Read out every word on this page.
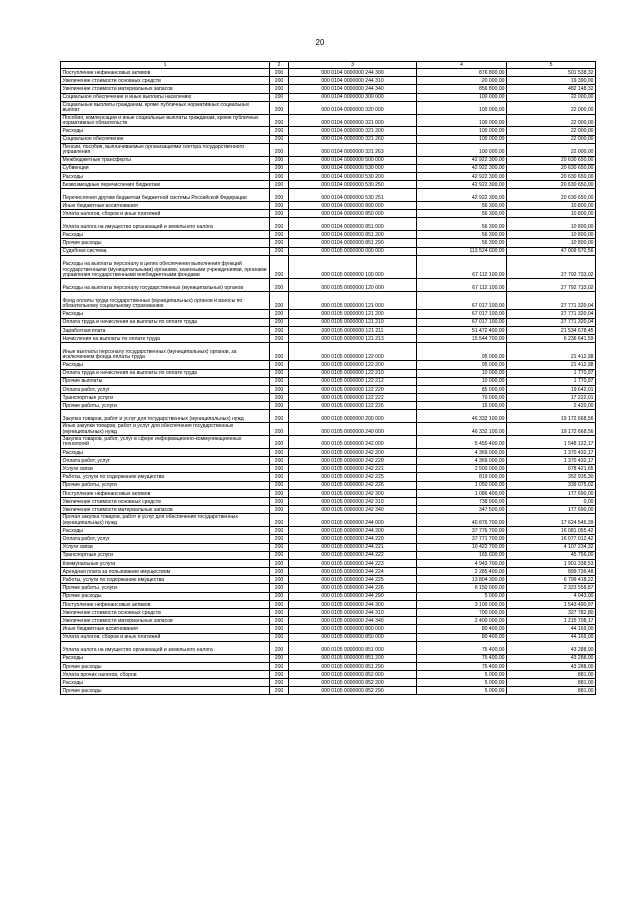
20
1	2	3	4	5
Поступление нефинансовых активов	200	000 0104 0000000 244 300	876 800,00	501 538,32
Увеличение стоимости основных средств	200	000 0104 0000000 244 310	20 000,00	19 390,00
Увеличение стоимости материальных запасов	200	000 0104 0000000 244 340	856 800,00	482 148,32
Социальное обеспечение и иные выплаты населению	200	000 0104 0000000 300 000	100 000,00	22 000,00
Социальные выплаты гражданам, кроме публичных нормативных социальных выплат	200	000 0104 0000000 320 000	100 000,00	22 000,00
Пособия, компенсации и иные социальные выплаты гражданам, кроме публичных нормативных обязательств	200	000 0104 0000000 321 000	100 000,00	22 000,00
Расходы	200	000 0104 0000000 321 200	100 000,00	22 000,00
Социальное обеспечение	200	000 0104 0000000 321 260	100 000,00	22 000,00
Пенсии, пособия, выплачиваемые организациями сектора государственного управления	200	000 0104 0000000 321 263	100 000,00	22 000,00
Межбюджетные трансферты	200	000 0104 0000000 500 000	42 922 300,00	20 630 650,00
Субвенции	200	000 0104 0000000 530 000	42 922 300,00	20 630 650,00
Расходы	200	000 0104 0000000 530 200	42 922 300,00	20 630 650,00
Безвозмездные перечисления бюджетам	200	000 0104 0000000 530 250	42 922 300,00	20 630 650,00
Перечисления другим бюджетам бюджетной системы Российской Федерации	200	000 0104 0000000 530 251	42 922 300,00	20 630 650,00
Иные бюджетные ассигнования	200	000 0104 0000000 800 000	56 300,00	10 800,00
Уплата налогов, сборов и иных платежей	200	000 0104 0000000 850 000	56 300,00	10 800,00
Уплата налога на имущество организаций и земельного налога	200	000 0104 0000000 851 000	56 300,00	10 800,00
Расходы	200	000 0104 0000000 851 200	56 300,00	10 800,00
Прочие расходы	200	000 0104 0000000 851 290	56 300,00	10 800,00
Судебная система	200	000 0105 0000000 000 000	113 524 600,00	47 009 570,56
Расходы на выплаты персоналу в целях обеспечения выполнения функций государственными (муниципальными) органами, казенными учреждениями, органами управления государственными внебюджетными фондами	200	000 0105 0000000 100 000	67 112 100,00	27 792 733,02
Расходы на выплаты персоналу государственных (муниципальных) органов	200	000 0105 0000000 120 000	67 112 100,00	27 792 733,02
Фонд оплаты труда государственных (муниципальных) органов и взносы по обязательному социальному страхованию	200	000 0105 0000000 121 000	67 017 100,00	27 771 320,04
Расходы	200	000 0105 0000000 121 200	67 017 100,00	27 771 320,04
Оплата труда и начисления на выплаты по оплате труда	200	000 0105 0000000 121 210	67 017 100,00	27 771 320,04
Заработная плата	200	000 0105 0000000 121 211	51 472 400,00	21 534 678,45
Начисления на выплаты по оплате труда	200	000 0105 0000000 121 213	15 544 700,00	6 236 641,59
Иные выплаты персоналу государственных (муниципальных) органов, за исключением фонда оплаты труда	200	000 0105 0000000 122 000	95 000,00	21 412,98
Расходы	200	000 0105 0000000 122 200	95 000,00	21 412,98
Оплата труда и начисления на выплаты по оплате труда	200	000 0105 0000000 122 210	10 000,00	1 770,97
Прочие выплаты	200	000 0105 0000000 122 212	10 000,00	1 770,97
Оплата работ, услуг	200	000 0105 0000000 122 220	85 000,00	19 642,01
Транспортные услуги	200	000 0105 0000000 122 222	70 000,00	17 222,01
Прочие работы, услуги	200	000 0105 0000000 122 226	15 000,00	2 420,00
Закупка товаров, работ и услуг для государственных (муниципальных) нужд	200	000 0105 0000000 200 000	46 332 100,00	19 172 668,56
Иные закупки товаров, работ и услуг для обеспечения государственных (муниципальных) нужд	200	000 0105 0000000 240 000	46 332 100,00	19 172 668,56
Закупка товаров, работ, услуг в сфере информационно-коммуникационных технологий	200	000 0105 0000000 242 000	5 455 400,00	1 548 122,17
Расходы	200	000 0105 0000000 242 200	4 369 000,00	1 370 432,17
Оплата работ, услуг	200	000 0105 0000000 242 220	4 369 000,00	1 370 432,17
Услуги связи	200	000 0105 0000000 242 221	2 500 000,00	678 421,65
Работы, услуги по содержанию имущества	200	000 0105 0000000 242 225	819 000,00	352 935,30
Прочие работы, услуги	200	000 0105 0000000 242 226	1 050 000,00	339 075,02
Поступление нефинансовых активов	200	000 0105 0000000 242 300	1 086 400,00	177 690,00
Увеличение стоимости основных средств	200	000 0105 0000000 242 310	738 900,00	0,00
Увеличение стоимости материальных запасов	200	000 0105 0000000 242 340	347 500,00	177 690,00
Прочая закупка товаров, работ и услуг для обеспечения государственных (муниципальных) нужд	200	000 0105 0000000 244 000	40 876 700,00	17 624 546,39
Расходы	200	000 0105 0000000 244 200	37 776 700,00	16 081 055,42
Оплата работ, услуг	200	000 0105 0000000 244 220	37 771 700,00	16 077 012,42
Услуги связи	200	000 0105 0000000 244 221	10 422 700,00	4 107 234,32
Транспортные услуги	200	000 0105 0000000 244 222	165 600,00	45 756,00
Коммунальные услуги	200	000 0105 0000000 244 223	4 943 700,00	1 901 338,53
Арендная плата за пользование имуществом	200	000 0105 0000000 244 224	2 285 400,00	899 736,48
Работы, услуги по содержанию имущества	200	000 0105 0000000 244 225	13 804 300,00	6 799 418,22
Прочие работы, услуги	200	000 0105 0000000 244 226	6 150 000,00	2 323 558,87
Прочие расходы	200	000 0105 0000000 244 290	5 000,00	4 043,00
Поступление нефинансовых активов	200	000 0105 0000000 244 300	3 100 000,00	1 543 490,97
Увеличение стоимости основных средств	200	000 0105 0000000 244 310	700 000,00	327 782,80
Увеличение стоимости материальных запасов	200	000 0105 0000000 244 340	2 400 000,00	1 215 708,17
Иные бюджетные ассигнования	200	000 0105 0000000 800 000	80 400,00	44 169,00
Уплата налогов, сборов и иных платежей	200	000 0105 0000000 850 000	80 400,00	44 169,00
Уплата налога на имущество организаций и земельного налога	200	000 0105 0000000 851 000	75 400,00	43 288,00
Расходы	200	000 0105 0000000 851 200	75 400,00	43 288,00
Прочие расходы	200	000 0105 0000000 851 290	75 400,00	43 288,00
Уплата прочих налогов, сборов	200	000 0105 0000000 852 000	5 000,00	881,00
Расходы	200	000 0105 0000000 852 200	5 000,00	881,00
Прочие расходы	200	000 0105 0000000 852 290	5 000,00	881,00
